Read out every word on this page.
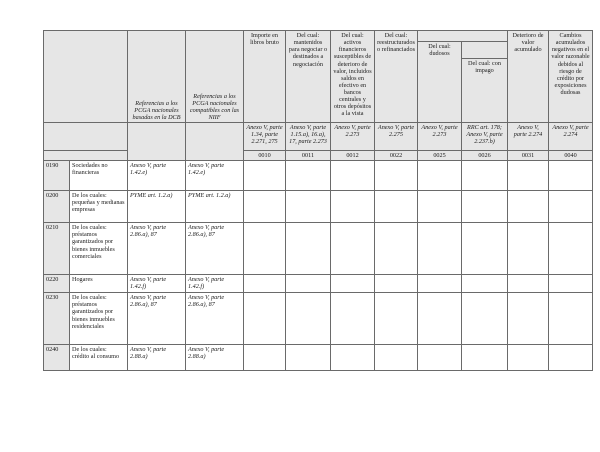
		Referencias a los PCGA nacionales basadas en la DCB	Referencias a los PCGA nacionales compatibles con las NIIF	Importe en libros bruto	Del cual: mantenidos para negociar o destinados a negociación	Del cual: activos financieros susceptibles de deterioro de valor, incluidos saldos en efectivo en bancos centrales y otros depósitos a la vista	Del cual: reestructurados o refinanciados			Deterioro de valor acumulado	Cambios acumulados negativos en el valor razonable debidos al riesgo de crédito por exposiciones dudosas
								Del cual: dudosos			
									Del cual: con impago		
				Anexo V, parte 1.34, parte 2.271, 275	Anexo V, parte 1.15.a), 16.a), 17, parte 2.273	Anexo V, parte 2.273	Anexo V, parte 2.275	Anexo V, parte 2.273	RRC art. 178; Anexo V, parte 2.237.b)	Anexo V, parte 2.274	Anexo V, parte 2.274
				0010	0011	0012	0022	0025	0026	0031	0040
0190	Sociedades no financieras	Anexo V, parte 1.42.e)	Anexo V, parte 1.42.e)								
0200	De los cuales: pequeñas y medianas empresas	PYME art. 1.2.a)	PYME art. 1.2.a)								
0210	De los cuales: préstamos garantizados por bienes inmuebles comerciales	Anexo V, parte 2.86.a), 87	Anexo V, parte 2.86.a), 87								
0220	Hogares	Anexo V, parte 1.42.f)	Anexo V, parte 1.42.f)								
0230	De los cuales: préstamos garantizados por bienes inmuebles residenciales	Anexo V, parte 2.86.a), 87	Anexo V, parte 2.86.a), 87								
0240	De los cuales: crédito al consumo	Anexo V, parte 2.88.a)	Anexo V, parte 2.88.a)								
